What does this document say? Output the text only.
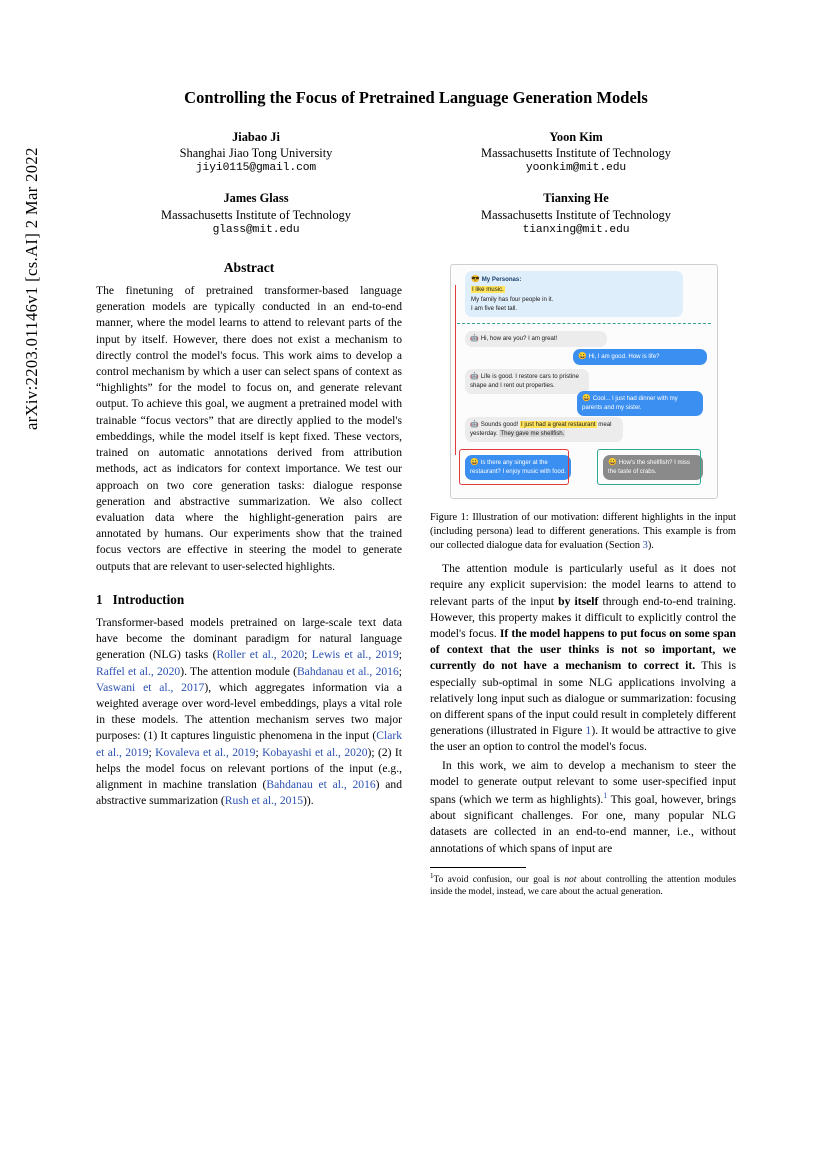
arXiv:2203.01146v1 [cs.AI] 2 Mar 2022
Controlling the Focus of Pretrained Language Generation Models
Jiabao Ji
Shanghai Jiao Tong University
jiyi0115@gmail.com
Yoon Kim
Massachusetts Institute of Technology
yoonkim@mit.edu
James Glass
Massachusetts Institute of Technology
glass@mit.edu
Tianxing He
Massachusetts Institute of Technology
tianxing@mit.edu
Abstract

The finetuning of pretrained transformer-based language generation models are typically conducted in an end-to-end manner, where the model learns to attend to relevant parts of the input by itself. However, there does not exist a mechanism to directly control the model's focus. This work aims to develop a control mechanism by which a user can select spans of context as “highlights” for the model to focus on, and generate relevant output. To achieve this goal, we augment a pretrained model with trainable “focus vectors” that are directly applied to the model's embeddings, while the model itself is kept fixed. These vectors, trained on automatic annotations derived from attribution methods, act as indicators for context importance. We test our approach on two core generation tasks: dialogue response generation and abstractive summarization. We also collect evaluation data where the highlight-generation pairs are annotated by humans. Our experiments show that the trained focus vectors are effective in steering the model to generate outputs that are relevant to user-selected highlights.

1 Introduction

Transformer-based models pretrained on large-scale text data have become the dominant paradigm for natural language generation (NLG) tasks (Roller et al., 2020; Lewis et al., 2019; Raffel et al., 2020). The attention module (Bahdanau et al., 2016; Vaswani et al., 2017), which aggregates information via a weighted average over word-level embeddings, plays a vital role in these models. The attention mechanism serves two major purposes: (1) It captures linguistic phenomena in the input (Clark et al., 2019; Kovaleva et al., 2019; Kobayashi et al., 2020); (2) It helps the model focus on relevant portions of the input (e.g., alignment in machine translation (Bahdanau et al., 2016) and abstractive summarization (Rush et al., 2015)).

😎 My Personas:
I like music.
My family has four people in it.
I am five feet tall.
🤖 Hi, how are you? I am great!
😀 Hi, I am good. How is life?
🤖 Life is good. I restore cars to pristine shape and I rent out properties.
😀 Cool... I just had dinner with my parents and my sister.
🤖 Sounds good! I just had a great restaurant meal yesterday. They gave me shellfish.
😀 Is there any singer at the restaurant? I enjoy music with food.
😀 How's the shellfish? I miss the taste of crabs.
Figure 1: Illustration of our motivation: different highlights in the input (including persona) lead to different generations. This example is from our collected dialogue data for evaluation (Section 3).

The attention module is particularly useful as it does not require any explicit supervision: the model learns to attend to relevant parts of the input by itself through end-to-end training. However, this property makes it difficult to explicitly control the model's focus. If the model happens to put focus on some span of context that the user thinks is not so important, we currently do not have a mechanism to correct it. This is especially sub-optimal in some NLG applications involving a relatively long input such as dialogue or summarization: focusing on different spans of the input could result in completely different generations (illustrated in Figure 1). It would be attractive to give the user an option to control the model's focus.

In this work, we aim to develop a mechanism to steer the model to generate output relevant to some user-specified input spans (which we term as highlights).$^1$ This goal, however, brings about significant challenges. For one, many popular NLG datasets are collected in an end-to-end manner, i.e., without annotations of which spans of input are

$^1$To avoid confusion, our goal is not about controlling the attention modules inside the model, instead, we care about the actual generation.
